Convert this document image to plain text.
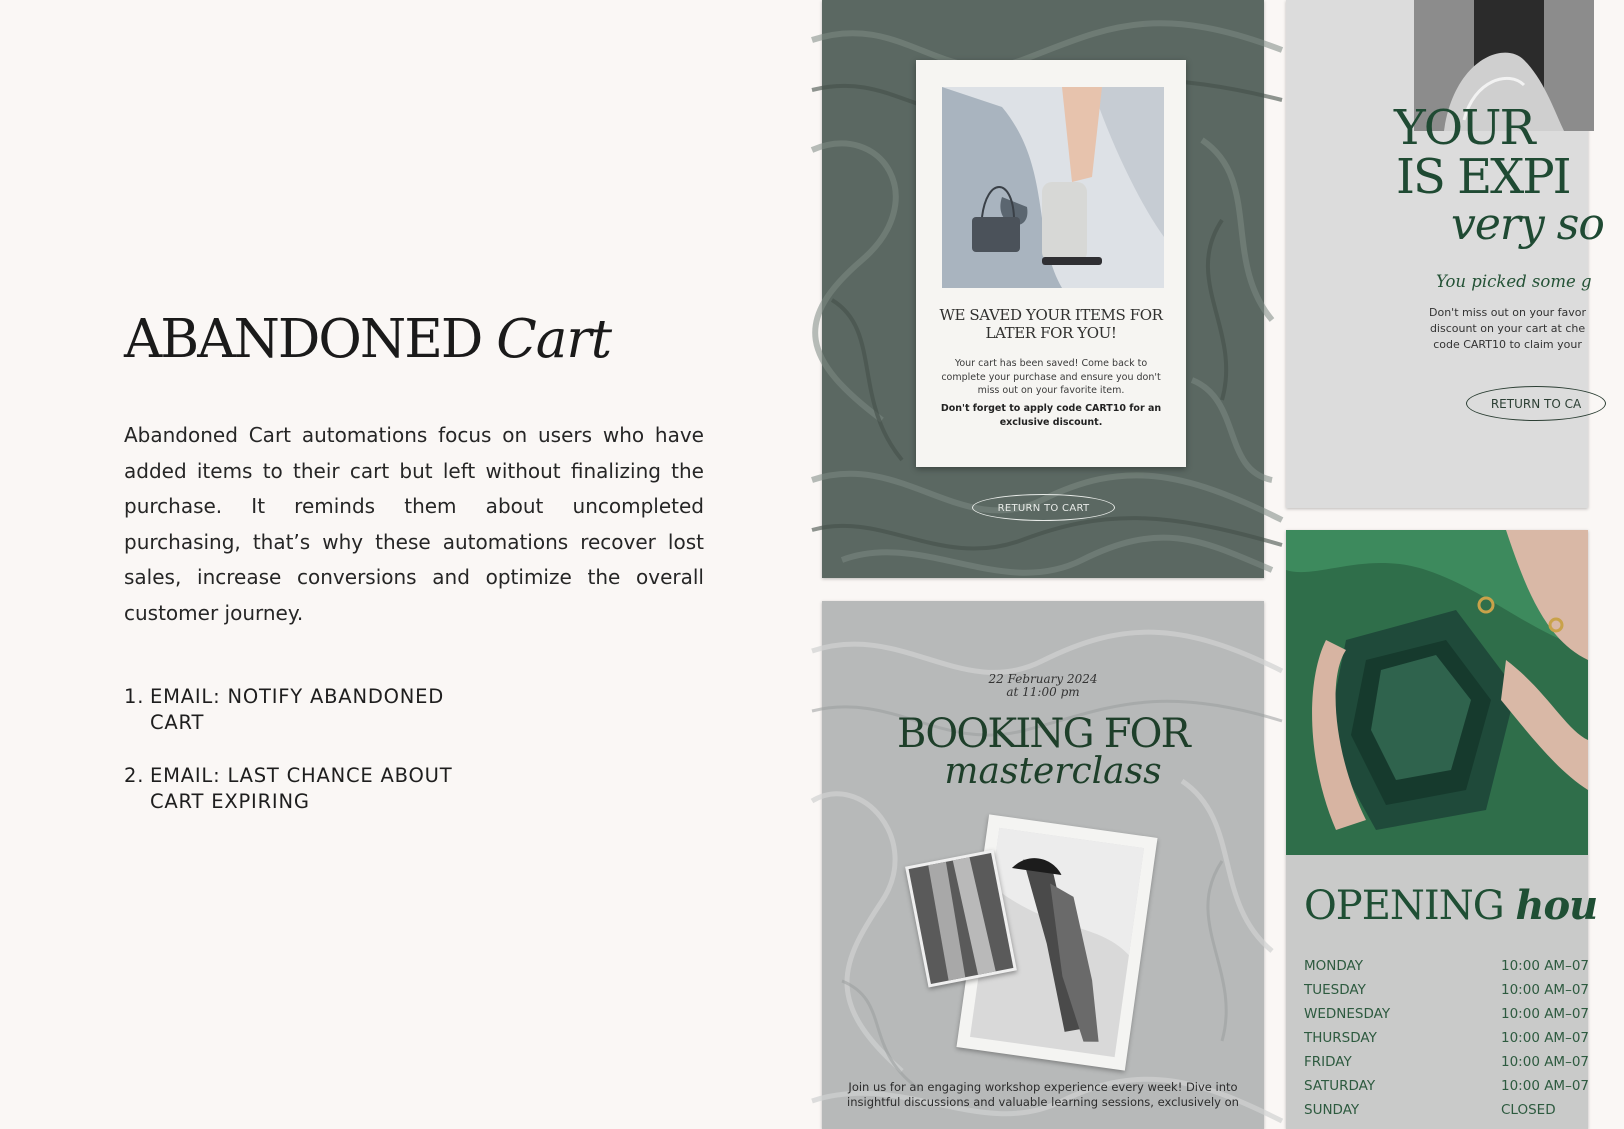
ABANDONED Cart

Abandoned Cart automations focus on users who have added items to their cart but left without finalizing the purchase. It reminds them about uncompleted purchasing, that’s why these automations recover lost sales, increase conversions and optimize the overall customer journey.

1. EMAIL: NOTIFY ABANDONED CART
2. EMAIL: LAST CHANCE ABOUT CART EXPIRING
WE SAVED YOUR ITEMS FOR LATER FOR YOU!

Your cart has been saved! Come back to complete your purchase and ensure you don't miss out on your favorite item.

Don't forget to apply code CART10 for an exclusive discount.

RETURN TO CART
YOUR
IS EXPI
very so

You picked some g

Don't miss out on your favor
discount on your cart at che
code CART10 to claim your

RETURN TO CA

22 February 2024
at 11:00 pm

BOOKING FOR

masterclass

Join us for an engaging workshop experience every week! Dive into insightful discussions and valuable learning sessions, exclusively on

OPENING hou
MONDAY	10:00 AM–07
TUESDAY	10:00 AM–07
WEDNESDAY	10:00 AM–07
THURSDAY	10:00 AM–07
FRIDAY	10:00 AM–07
SATURDAY	10:00 AM–07
SUNDAY	CLOSED
